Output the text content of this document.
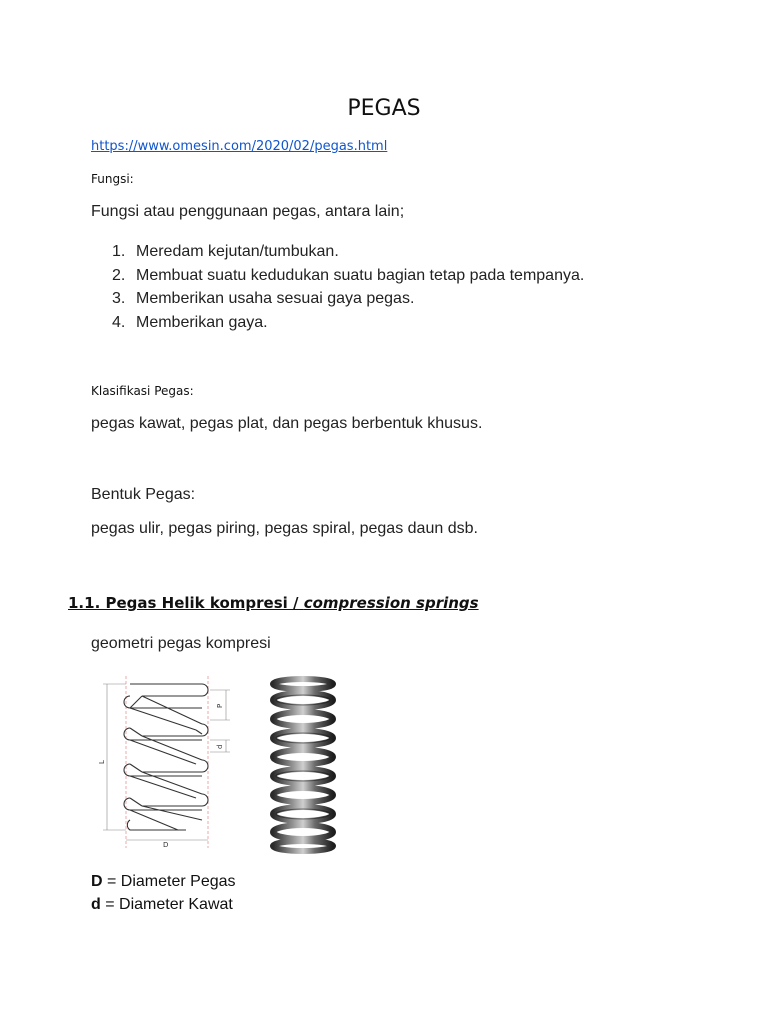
PEGAS
https://www.omesin.com/2020/02/pegas.html
Fungsi:
Fungsi atau penggunaan pegas, antara lain;
1. Meredam kejutan/tumbukan.
2. Membuat suatu kedudukan suatu bagian tetap pada tempanya.
3. Memberikan usaha sesuai gaya pegas.
4. Memberikan gaya.
Klasifikasi Pegas:
pegas kawat, pegas plat, dan pegas berbentuk khusus.
Bentuk Pegas:
pegas ulir, pegas piring, pegas spiral, pegas daun dsb.
1.1. Pegas Helik kompresi / compression springs
geometri pegas kompresi
L
P
d
D
D = Diameter Pegas
d = Diameter Kawat
